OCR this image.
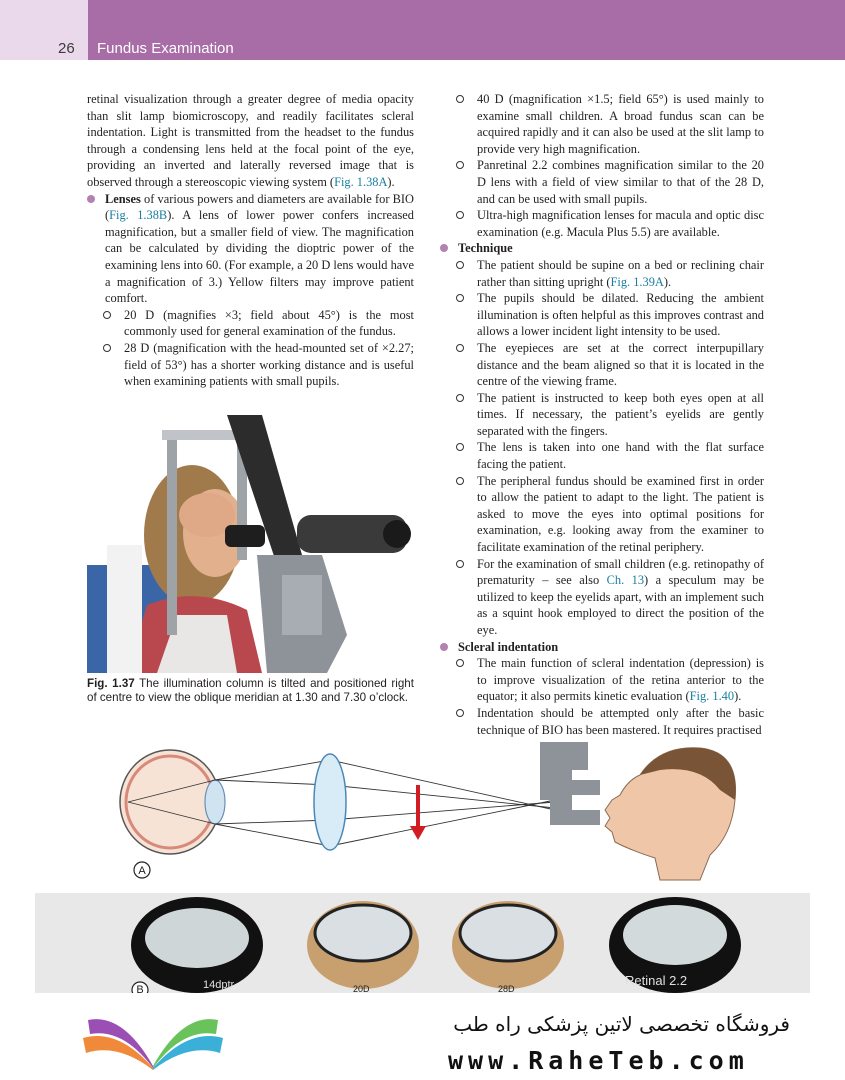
26 Fundus Examination

retinal visualization through a greater degree of media opacity than slit lamp biomicroscopy, and readily facilitates scleral indentation. Light is transmitted from the headset to the fundus through a condensing lens held at the focal point of the eye, providing an inverted and laterally reversed image that is observed through a stereoscopic viewing system (Fig. 1.38A).

Lenses of various powers and diameters are available for BIO (Fig. 1.38B). A lens of lower power confers increased magnification, but a smaller field of view. The magnification can be calculated by dividing the dioptric power of the examining lens into 60. (For example, a 20 D lens would have a magnification of 3.) Yellow filters may improve patient comfort.
20 D (magnifies ×3; field about 45°) is the most commonly used for general examination of the fundus.
28 D (magnification with the head-mounted set of ×2.27; field of 53°) has a shorter working distance and is useful when examining patients with small pupils.
Fig. 1.37 The illumination column is tilted and positioned right of centre to view the oblique meridian at 1.30 and 7.30 o’clock.
40 D (magnification ×1.5; field 65°) is used mainly to examine small children. A broad fundus scan can be acquired rapidly and it can also be used at the slit lamp to provide very high magnification.
Panretinal 2.2 combines magnification similar to the 20 D lens with a field of view similar to that of the 28 D, and can be used with small pupils.
Ultra-high magnification lenses for macula and optic disc examination (e.g. Macula Plus 5.5) are available.
Technique
The patient should be supine on a bed or reclining chair rather than sitting upright (Fig. 1.39A).
The pupils should be dilated. Reducing the ambient illumination is often helpful as this improves contrast and allows a lower incident light intensity to be used.
The eyepieces are set at the correct interpupillary distance and the beam aligned so that it is located in the centre of the viewing frame.
The patient is instructed to keep both eyes open at all times. If necessary, the patient’s eyelids are gently separated with the fingers.
The lens is taken into one hand with the flat surface facing the patient.
The peripheral fundus should be examined first in order to allow the patient to adapt to the light. The patient is asked to move the eyes into optimal positions for examination, e.g. looking away from the examiner to facilitate examination of the retinal periphery.
For the examination of small children (e.g. retinopathy of prematurity – see also Ch. 13) a speculum may be utilized to keep the eyelids apart, with an implement such as a squint hook employed to direct the position of the eye.
Scleral indentation
The main function of scleral indentation (depression) is to improve visualization of the retina anterior to the equator; it also permits kinetic evaluation (Fig. 1.40).
Indentation should be attempted only after the basic technique of BIO has been mastered. It requires practised
A
14dptr	20D	28D
Retinal 2.2
B
فروشگاه تخصصی لاتین پزشکی راه طب
www.RaheTeb.com
